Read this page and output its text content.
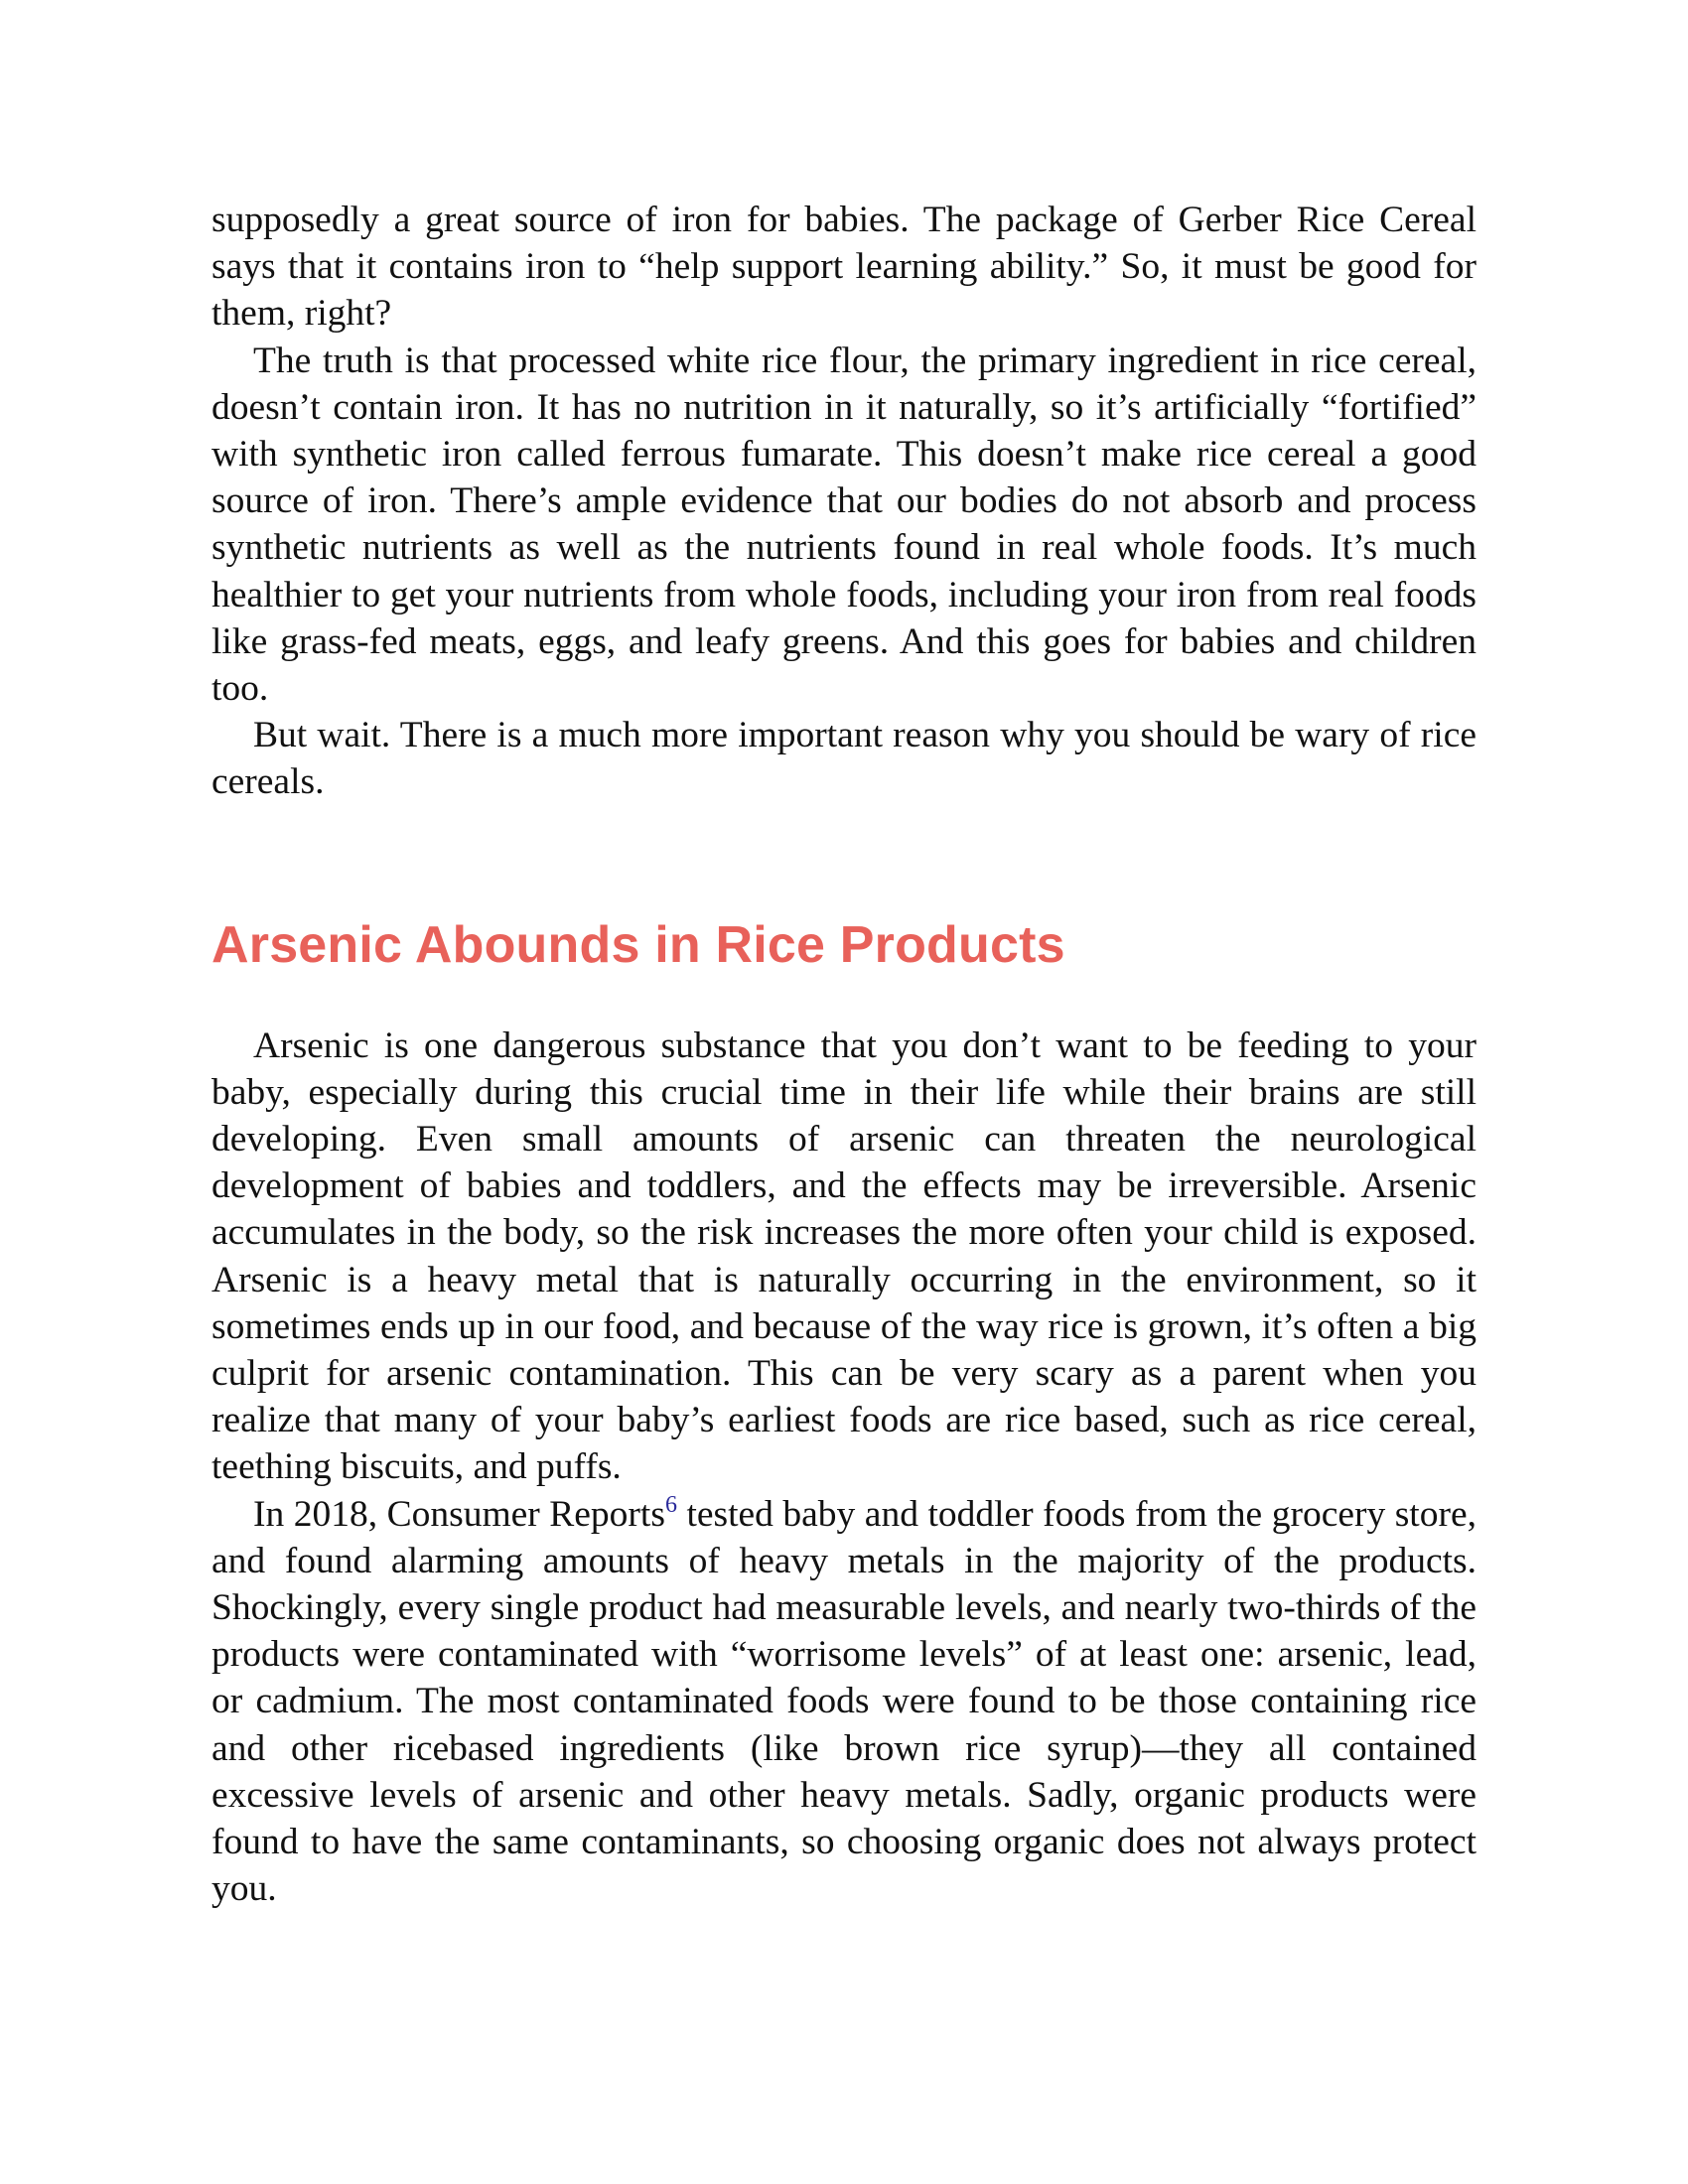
supposedly a great source of iron for babies. The package of Gerber Rice Cereal says that it contains iron to “help support learning ability.” So, it must be good for them, right?

The truth is that processed white rice flour, the primary ingredient in rice cereal, doesn’t contain iron. It has no nutrition in it naturally, so it’s artificially “fortified” with synthetic iron called ferrous fumarate. This doesn’t make rice cereal a good source of iron. There’s ample evidence that our bodies do not absorb and process synthetic nutrients as well as the nutrients found in real whole foods. It’s much healthier to get your nutrients from whole foods, including your iron from real foods like grass-fed meats, eggs, and leafy greens. And this goes for babies and children too.

But wait. There is a much more important reason why you should be wary of rice cereals.

Arsenic Abounds in Rice Products

Arsenic is one dangerous substance that you don’t want to be feeding to your baby, especially during this crucial time in their life while their brains are still developing. Even small amounts of arsenic can threaten the neurological development of babies and toddlers, and the effects may be irreversible. Arsenic accumulates in the body, so the risk increases the more often your child is exposed. Arsenic is a heavy metal that is naturally occurring in the environment, so it sometimes ends up in our food, and because of the way rice is grown, it’s often a big culprit for arsenic contamination. This can be very scary as a parent when you realize that many of your baby’s earliest foods are rice based, such as rice cereal, teething biscuits, and puffs.

In 2018, Consumer Reports$^6$ tested baby and toddler foods from the grocery store, and found alarming amounts of heavy metals in the majority of the products. Shockingly, every single product had measurable levels, and nearly two-thirds of the products were contaminated with “worrisome levels” of at least one: arsenic, lead, or cadmium. The most contaminated foods were found to be those containing rice and other ricebased ingredients (like brown rice syrup)—they all contained excessive levels of arsenic and other heavy metals. Sadly, organic products were found to have the same contaminants, so choosing organic does not always protect you.
